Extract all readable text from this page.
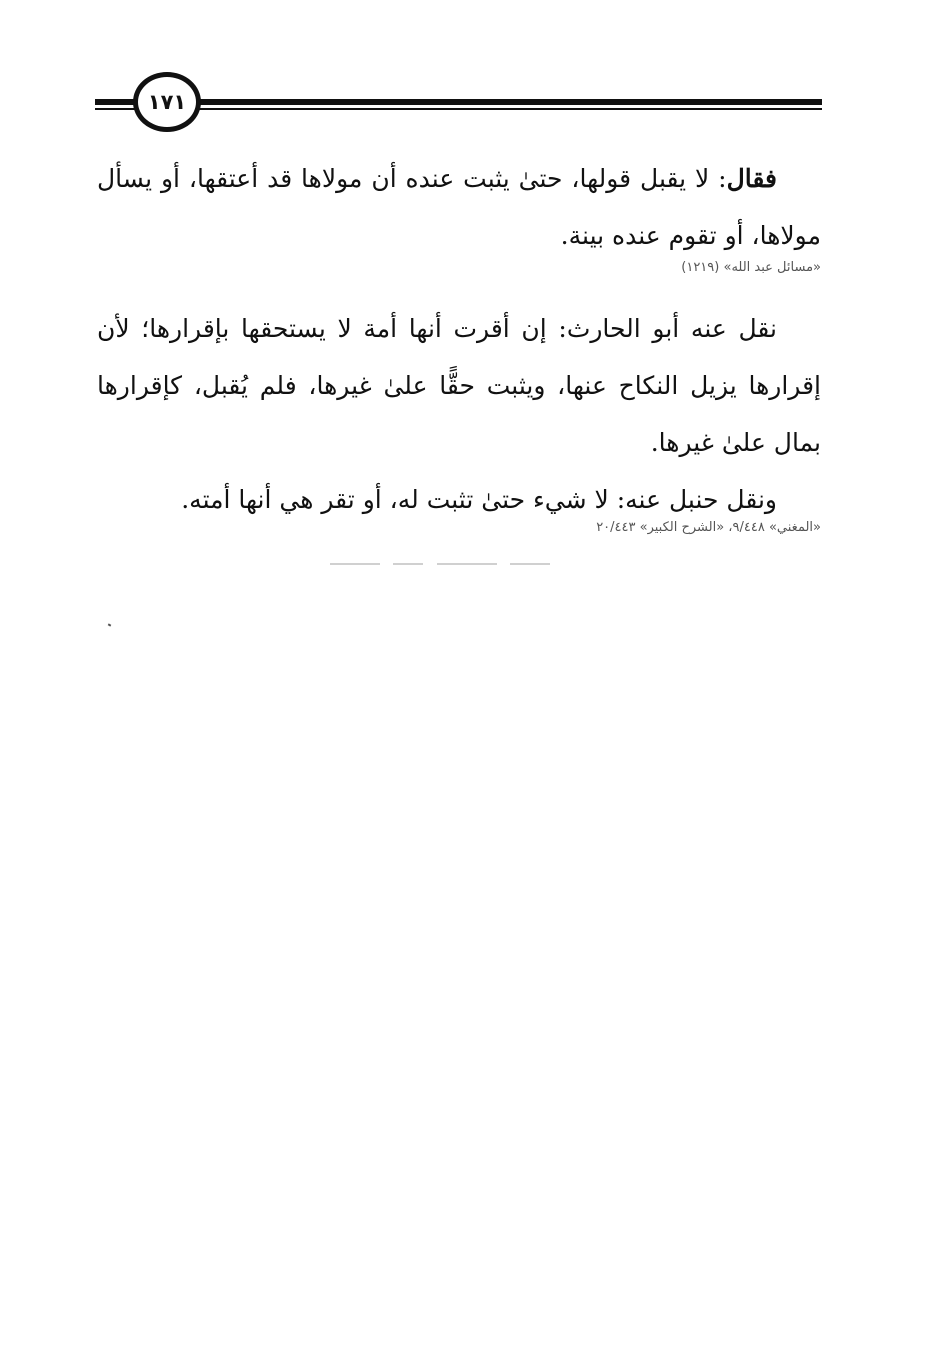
١٧١

فقال: لا يقبل قولها، حتىٰ يثبت عنده أن مولاها قد أعتقها، أو يسأل مولاها، أو تقوم عنده بينة.

«مسائل عبد الله» (١٢١٩)

نقل عنه أبو الحارث: إن أقرت أنها أمة لا يستحقها بإقرارها؛ لأن إقرارها يزيل النكاح عنها، ويثبت حقًّا علىٰ غيرها، فلم يُقبل، كإقرارها بمال علىٰ غيرها.

ونقل حنبل عنه: لا شيء حتىٰ تثبت له، أو تقر هي أنها أمته.

«المغني» ٩/٤٤٨، «الشرح الكبير» ٢٠/٤٤٣
